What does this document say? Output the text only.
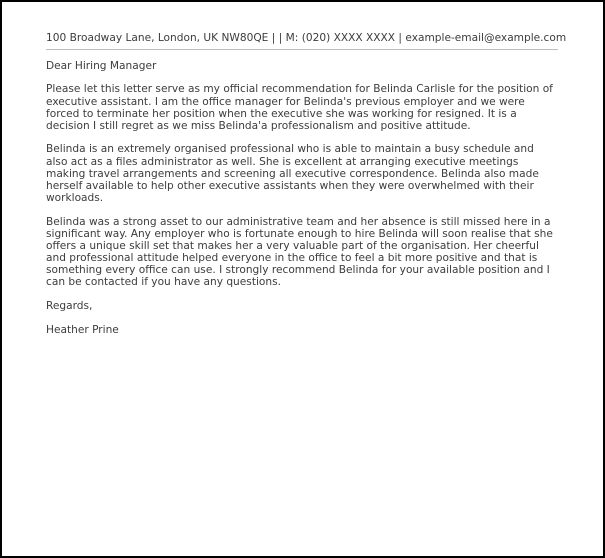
100 Broadway Lane, London, UK NW80QE | | M: (020) XXXX XXXX | example-email@example.com

Dear Hiring Manager

Please let this letter serve as my official recommendation for Belinda Carlisle for the position of executive assistant. I am the office manager for Belinda's previous employer and we were forced to terminate her position when the executive she was working for resigned. It is a decision I still regret as we miss Belinda'a professionalism and positive attitude.

Belinda is an extremely organised professional who is able to maintain a busy schedule and also act as a files administrator as well. She is excellent at arranging executive meetings making travel arrangements and screening all executive correspondence. Belinda also made herself available to help other executive assistants when they were overwhelmed with their workloads.

Belinda was a strong asset to our administrative team and her absence is still missed here in a significant way. Any employer who is fortunate enough to hire Belinda will soon realise that she offers a unique skill set that makes her a very valuable part of the organisation. Her cheerful and professional attitude helped everyone in the office to feel a bit more positive and that is something every office can use. I strongly recommend Belinda for your available position and I can be contacted if you have any questions.

Regards,

Heather Prine
